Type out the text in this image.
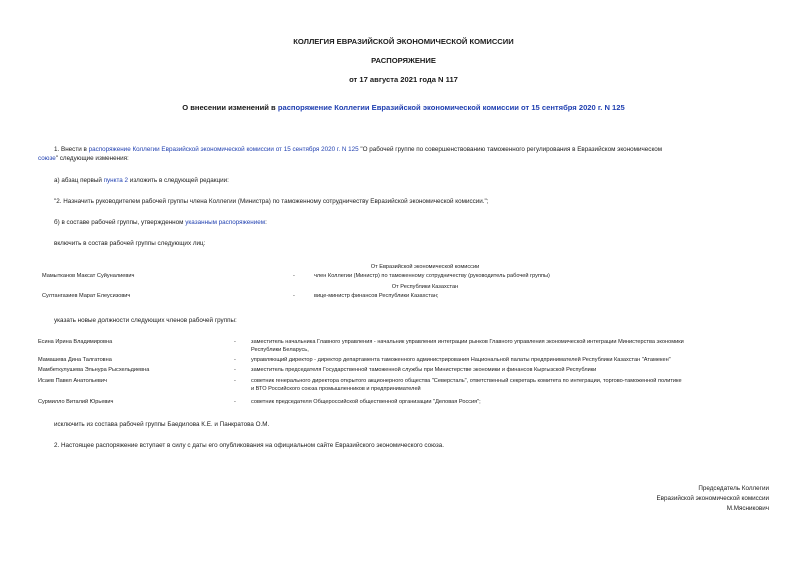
КОЛЛЕГИЯ ЕВРАЗИЙСКОЙ ЭКОНОМИЧЕСКОЙ КОМИССИИ
РАСПОРЯЖЕНИЕ
от 17 августа 2021 года N 117
О внесении изменений в распоряжение Коллегии Евразийской экономической комиссии от 15 сентября 2020 г. N 125
1. Внести в распоряжение Коллегии Евразийской экономической комиссии от 15 сентября 2020 г. N 125 "О рабочей группе по совершенствованию таможенного регулирования в Евразийском экономическом
союзе" следующие изменения:
а) абзац первый пункта 2 изложить в следующей редакции:
"2. Назначить руководителем рабочей группы члена Коллегии (Министра) по таможенному сотрудничеству Евразийской экономической комиссии.";
б) в составе рабочей группы, утвержденном указанным распоряжением:
включить в состав рабочей группы следующих лиц:
От Евразийской экономической комиссии
Мамытканов Максат Суйуналиевич	-	член Коллегии (Министр) по таможенному сотрудничеству (руководитель рабочей группы)
От Республики Казахстан
Султангазиев Марат Елеусизович	-	вице-министр финансов Республики Казахстан;
указать новые должности следующих членов рабочей группы:
Есина Ирина Владимировна	-	заместитель начальника Главного управления - начальник управления интеграции рынков Главного управления экономической интеграции Министерства экономики
Республики Беларусь,
Мамашева Дина Талгатовна	-	управляющий директор - директор департамента таможенного администрирования Национальной палаты предпринимателей Республики Казахстан "Атамекен"
Мамбеткулушева Эльнура Рысхельдиевна	-	заместитель председателя Государственной таможенной службы при Министерстве экономики и финансов Кыргызской Республики
Исаев Павел Анатольевич	-	советник генерального директора открытого акционерного общества "Северсталь", ответственный секретарь комитета по интеграции, торгово-таможенной политике
и ВТО Российского союза промышленников и предпринимателей
Сурмилло Виталий Юрьевич	-	советник председателя Общероссийской общественной организации "Деловая Россия";
исключить из состава рабочей группы Баедилова К.Е. и Панкратова О.М.
2. Настоящее распоряжение вступает в силу с даты его опубликования на официальном сайте Евразийского экономического союза.
Председатель Коллегии
Евразийской экономической комиссии
М.Мясникович
